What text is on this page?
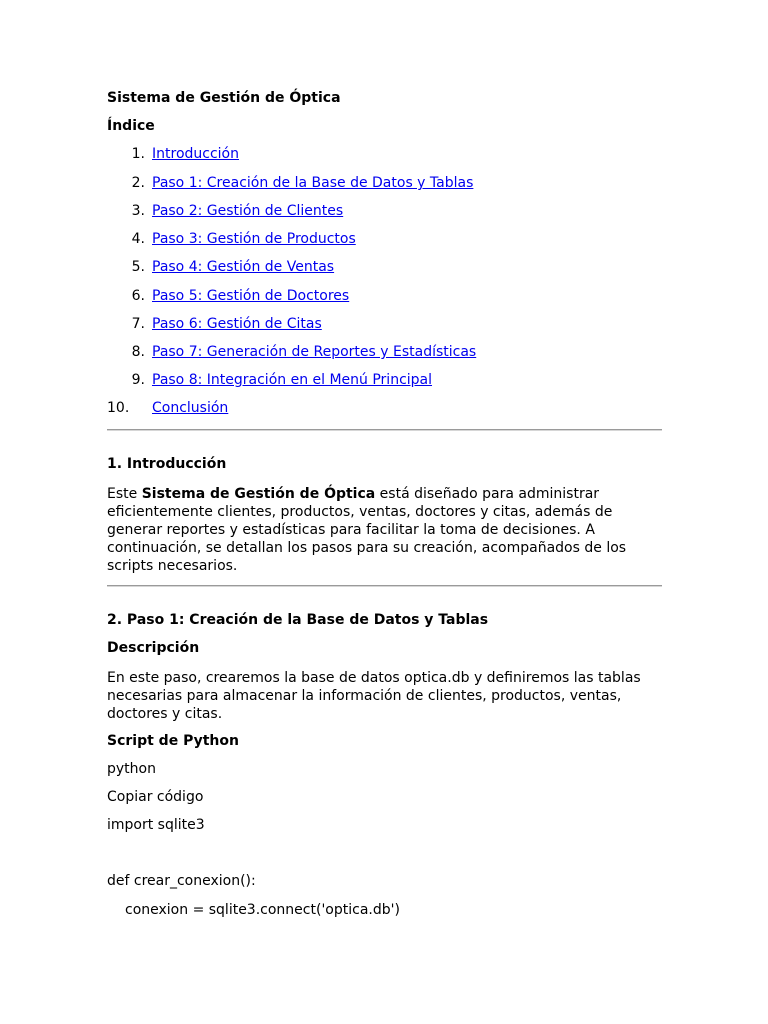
Sistema de Gestión de Óptica
Índice
1. Introducción
2. Paso 1: Creación de la Base de Datos y Tablas
3. Paso 2: Gestión de Clientes
4. Paso 3: Gestión de Productos
5. Paso 4: Gestión de Ventas
6. Paso 5: Gestión de Doctores
7. Paso 6: Gestión de Citas
8. Paso 7: Generación de Reportes y Estadísticas
9. Paso 8: Integración en el Menú Principal
10.	Conclusión
1. Introducción
Este Sistema de Gestión de Óptica está diseñado para administrar eficientemente clientes, productos, ventas, doctores y citas, además de generar reportes y estadísticas para facilitar la toma de decisiones. A continuación, se detallan los pasos para su creación, acompañados de los scripts necesarios.
2. Paso 1: Creación de la Base de Datos y Tablas
Descripción
En este paso, crearemos la base de datos optica.db y definiremos las tablas necesarias para almacenar la información de clientes, productos, ventas, doctores y citas.
Script de Python
python
Copiar código
import sqlite3
def crear_conexion():
conexion = sqlite3.connect('optica.db')
